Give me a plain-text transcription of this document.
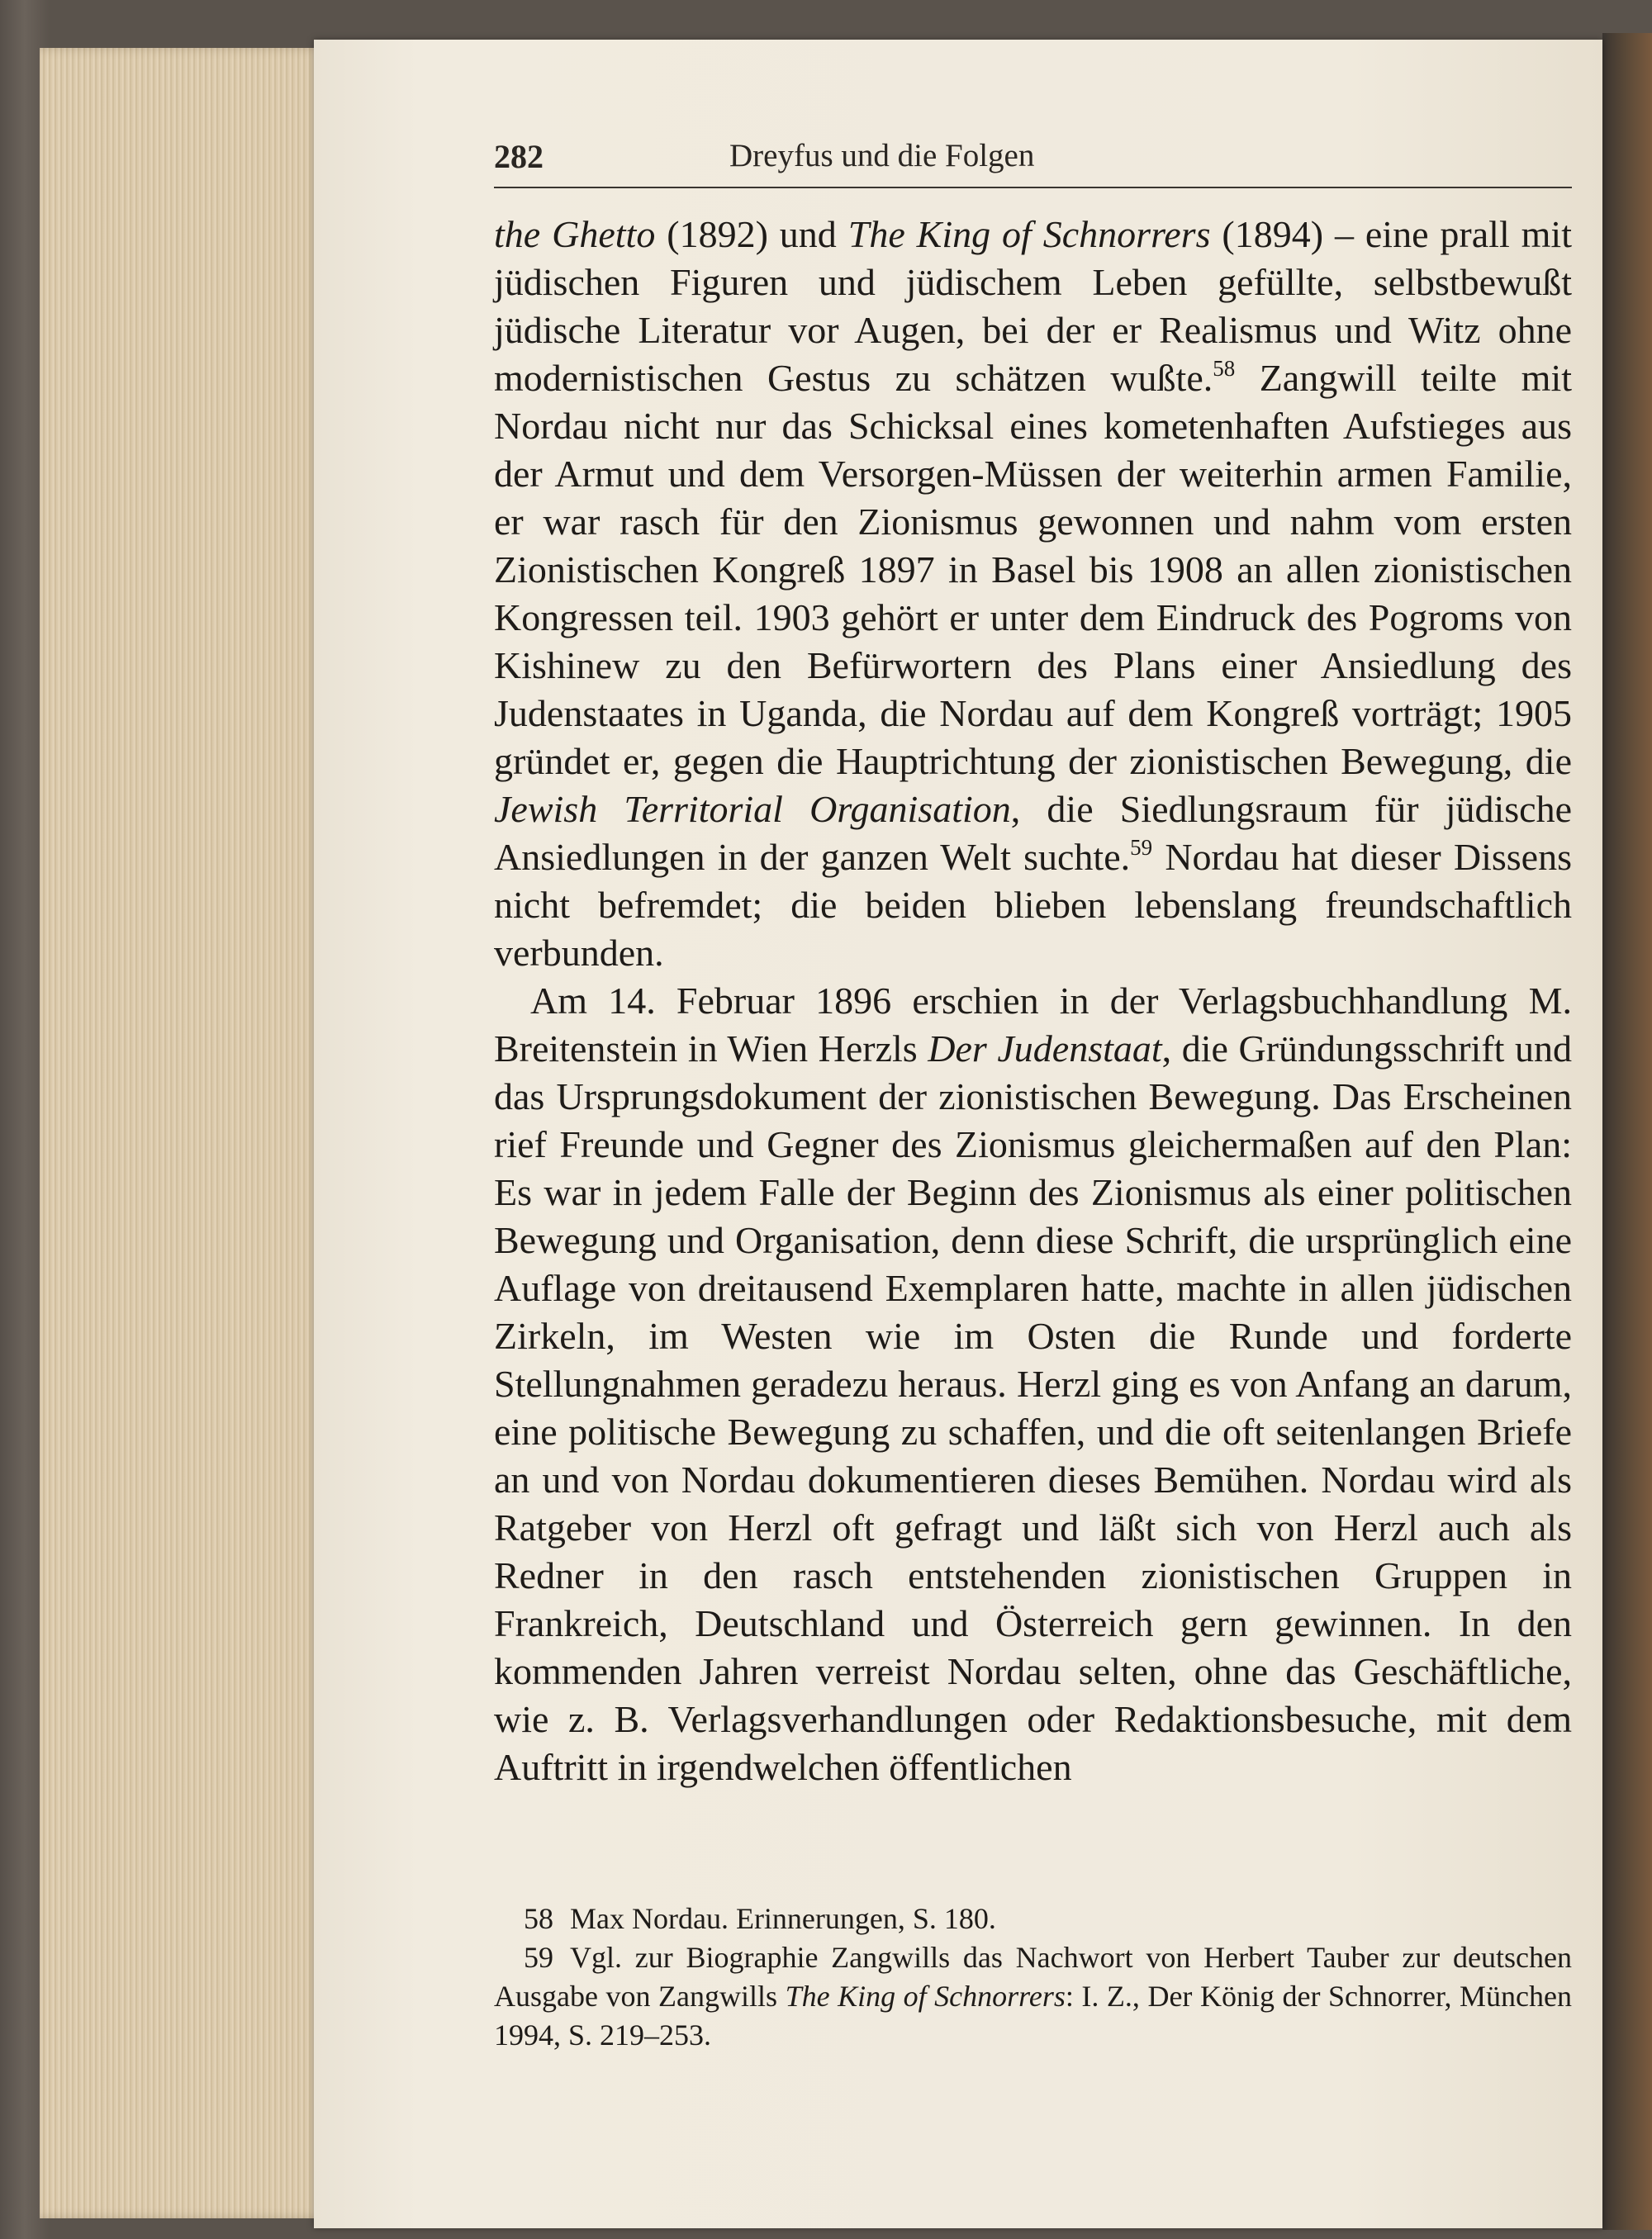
282	Dreyfus und die Folgen

the Ghetto (1892) und The King of Schnorrers (1894) – eine prall mit jüdischen Figuren und jüdischem Leben gefüllte, selbstbewußt jüdische Literatur vor Augen, bei der er Realismus und Witz ohne modernistischen Gestus zu schätzen wußte.$^{58}$ Zangwill teilte mit Nordau nicht nur das Schicksal eines kometenhaften Aufstieges aus der Armut und dem Versorgen-Müssen der weiterhin armen Familie, er war rasch für den Zionismus gewonnen und nahm vom ersten Zionistischen Kongreß 1897 in Basel bis 1908 an allen zionistischen Kongressen teil. 1903 gehört er unter dem Eindruck des Pogroms von Kishinew zu den Befürwortern des Plans einer Ansiedlung des Judenstaates in Uganda, die Nordau auf dem Kongreß vorträgt; 1905 gründet er, gegen die Hauptrichtung der zionistischen Bewegung, die Jewish Territorial Organisation, die Siedlungsraum für jüdische Ansiedlungen in der ganzen Welt suchte.$^{59}$ Nordau hat dieser Dissens nicht befremdet; die beiden blieben lebenslang freundschaftlich verbunden.

Am 14. Februar 1896 erschien in der Verlagsbuchhandlung M. Breitenstein in Wien Herzls Der Judenstaat, die Gründungsschrift und das Ursprungsdokument der zionistischen Bewegung. Das Erscheinen rief Freunde und Gegner des Zionismus gleichermaßen auf den Plan: Es war in jedem Falle der Beginn des Zionismus als einer politischen Bewegung und Organisation, denn diese Schrift, die ursprünglich eine Auflage von dreitausend Exemplaren hatte, machte in allen jüdischen Zirkeln, im Westen wie im Osten die Runde und forderte Stellungnahmen geradezu heraus. Herzl ging es von Anfang an darum, eine politische Bewegung zu schaffen, und die oft seitenlangen Briefe an und von Nordau dokumentieren dieses Bemühen. Nordau wird als Ratgeber von Herzl oft gefragt und läßt sich von Herzl auch als Redner in den rasch entstehenden zionistischen Gruppen in Frankreich, Deutschland und Österreich gern gewinnen. In den kommenden Jahren verreist Nordau selten, ohne das Geschäftliche, wie z. B. Verlagsverhandlungen oder Redaktionsbesuche, mit dem Auftritt in irgendwelchen öffentlichen

58 Max Nordau. Erinnerungen, S. 180.

59 Vgl. zur Biographie Zangwills das Nachwort von Herbert Tauber zur deutschen Ausgabe von Zangwills The King of Schnorrers: I. Z., Der König der Schnorrer, München 1994, S. 219–253.
